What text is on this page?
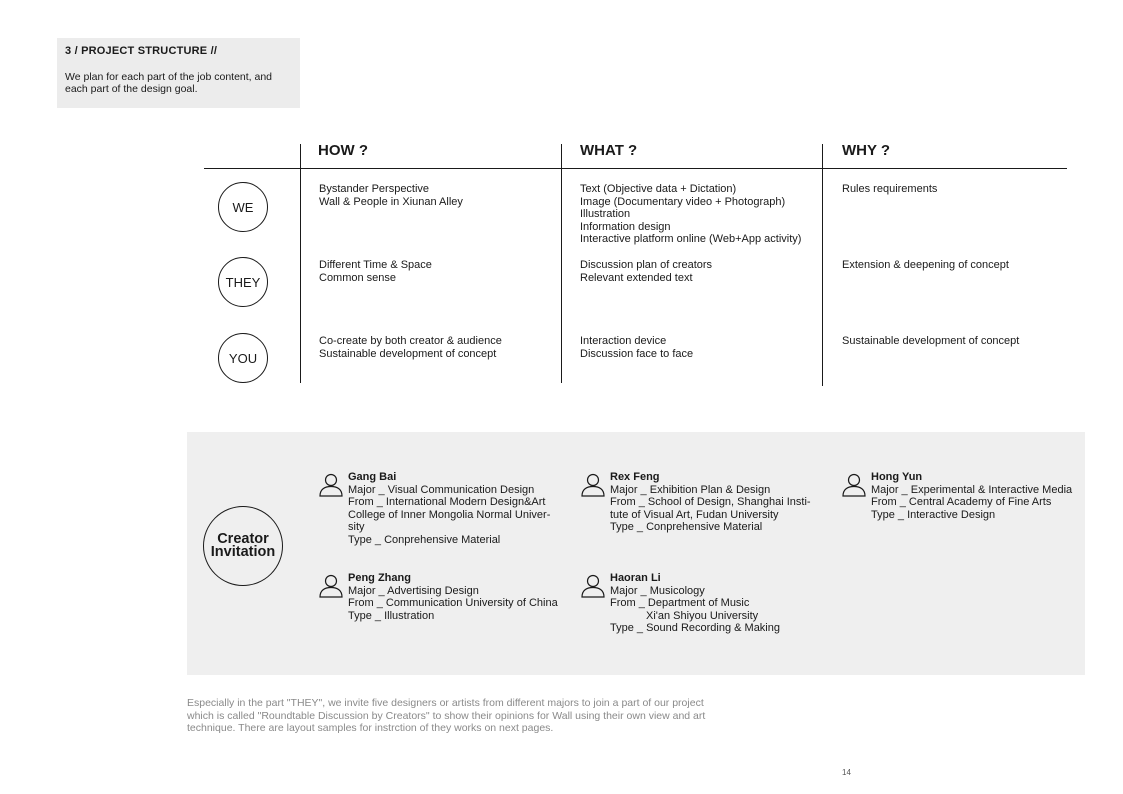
3 / PROJECT STRUCTURE //
We plan for each part of the job content, and each part of the design goal.
HOW ?	WHAT ?	WHY ?
WE
Bystander Perspective
Wall & People in Xiunan Alley
Text (Objective data + Dictation)
Image (Documentary video + Photograph)
Illustration
Information design
Interactive platform online (Web+App activity)
Rules requirements
THEY
Different Time & Space
Common sense
Discussion plan of creators
Relevant extended text
Extension & deepening of concept
YOU
Co-create by both creator & audience
Sustainable development of concept
Interaction device
Discussion face to face
Sustainable development of concept
Creator
Invitation
Gang Bai
Major _ Visual Communication Design
From _ International Modern Design&Art
College of Inner Mongolia Normal Univer-
sity
Type _ Conprehensive Material
Rex Feng
Major _ Exhibition Plan & Design
From _ School of Design, Shanghai Insti-
tute of Visual Art, Fudan University
Type _ Conprehensive Material
Hong Yun
Major _ Experimental & Interactive Media
From _ Central Academy of Fine Arts
Type _ Interactive Design
Peng Zhang
Major _ Advertising Design
From _ Communication University of China
Type _ Illustration
Haoran Li
Major _ Musicology
From _ Department of Music
Xi'an Shiyou University
Type _ Sound Recording & Making
Especially in the part "THEY", we invite five designers or artists from different majors to join a part of our project which is called "Roundtable Discussion by Creators" to show their opinions for Wall using their own view and art technique. There are layout samples for instrction of they works on next pages.
14
